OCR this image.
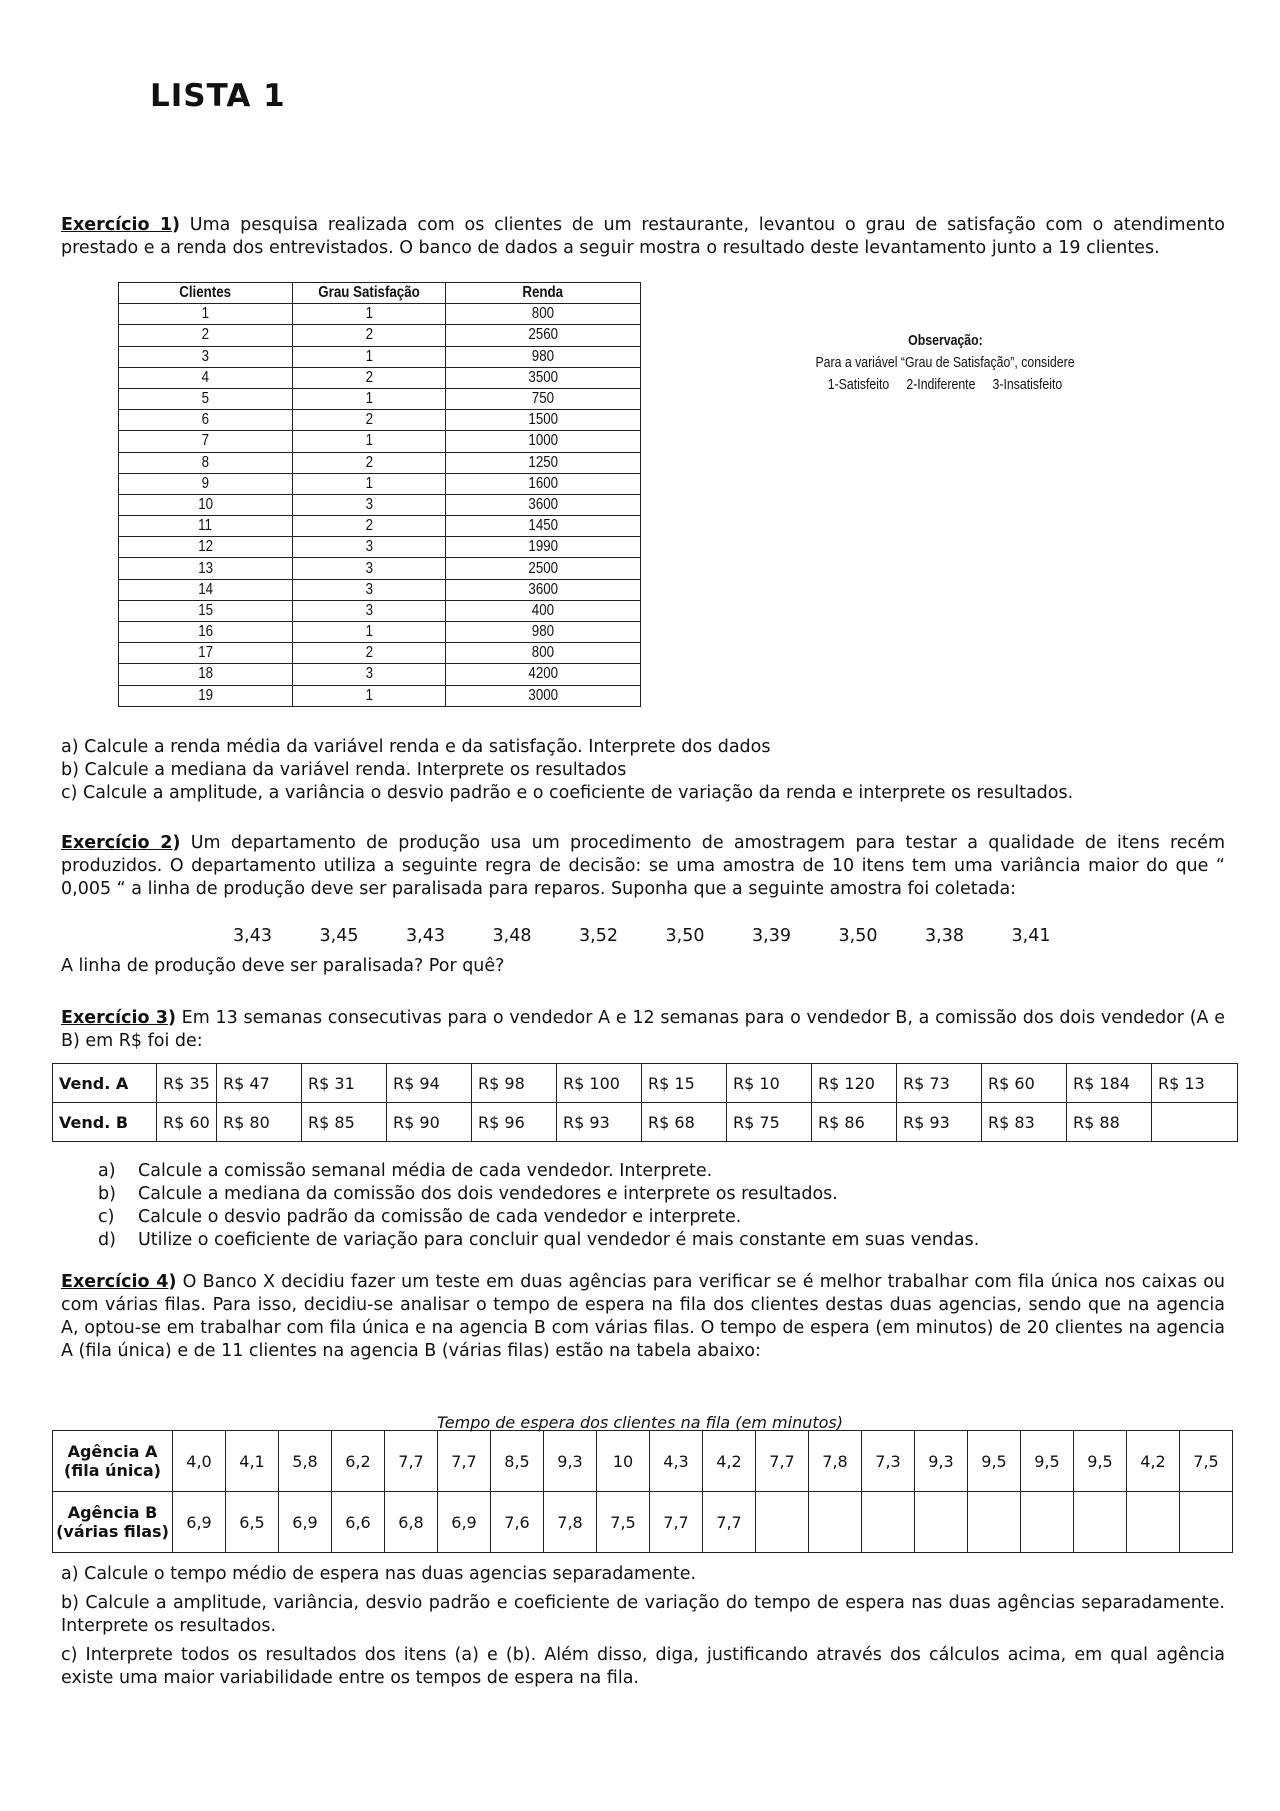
LISTA 1
Exercício 1) Uma pesquisa realizada com os clientes de um restaurante, levantou o grau de satisfação com o atendimento prestado e a renda dos entrevistados. O banco de dados a seguir mostra o resultado deste levantamento junto a 19 clientes.
Clientes	Grau Satisfação	Renda
1	1	800
2	2	2560
3	1	980
4	2	3500
5	1	750
6	2	1500
7	1	1000
8	2	1250
9	1	1600
10	3	3600
11	2	1450
12	3	1990
13	3	2500
14	3	3600
15	3	400
16	1	980
17	2	800
18	3	4200
19	1	3000
Observação:
Para a variável “Grau de Satisfação”, considere
1-Satisfeito     2-Indiferente     3-Insatisfeito
a) Calcule a renda média da variável renda e da satisfação. Interprete dos dados
b) Calcule a mediana da variável renda. Interprete os resultados
c) Calcule a amplitude, a variância o desvio padrão e o coeficiente de variação da renda e interprete os resultados.
Exercício 2) Um departamento de produção usa um procedimento de amostragem para testar a qualidade de itens recém produzidos. O departamento utiliza a seguinte regra de decisão: se uma amostra de 10 itens tem uma variância maior do que “ 0,005 “ a linha de produção deve ser paralisada para reparos. Suponha que a seguinte amostra foi coletada:
3,43	3,45	3,43	3,48	3,52	3,50	3,39	3,50	3,38	3,41
A linha de produção deve ser paralisada? Por quê?
Exercício 3) Em 13 semanas consecutivas para o vendedor A e 12 semanas para o vendedor B, a comissão dos dois vendedor (A e B) em R$ foi de:
Vend. A	R$ 35	R$ 47	R$ 31	R$ 94	R$ 98	R$ 100	R$ 15	R$ 10	R$ 120	R$ 73	R$ 60	R$ 184	R$ 13
Vend. B	R$ 60	R$ 80	R$ 85	R$ 90	R$ 96	R$ 93	R$ 68	R$ 75	R$ 86	R$ 93	R$ 83	R$ 88	
a) Calcule a comissão semanal média de cada vendedor. Interprete.
b) Calcule a mediana da comissão dos dois vendedores e interprete os resultados.
c) Calcule o desvio padrão da comissão de cada vendedor e interprete.
d) Utilize o coeficiente de variação para concluir qual vendedor é mais constante em suas vendas.
Exercício 4) O Banco X decidiu fazer um teste em duas agências para verificar se é melhor trabalhar com fila única nos caixas ou com várias filas. Para isso, decidiu-se analisar o tempo de espera na fila dos clientes destas duas agencias, sendo que na agencia A, optou-se em trabalhar com fila única e na agencia B com várias filas. O tempo de espera (em minutos) de 20 clientes na agencia A (fila única) e de 11 clientes na agencia B (várias filas) estão na tabela abaixo:
Tempo de espera dos clientes na fila (em minutos)
Agência A (fila única)	4,0	4,1	5,8	6,2	7,7	7,7	8,5	9,3	10	4,3	4,2	7,7	7,8	7,3	9,3	9,5	9,5	9,5	4,2	7,5
Agência B (várias filas)	6,9	6,5	6,9	6,6	6,8	6,9	7,6	7,8	7,5	7,7	7,7									
a) Calcule o tempo médio de espera nas duas agencias separadamente.
b) Calcule a amplitude, variância, desvio padrão e coeficiente de variação do tempo de espera nas duas agências separadamente. Interprete os resultados.
c) Interprete todos os resultados dos itens (a) e (b). Além disso, diga, justificando através dos cálculos acima, em qual agência existe uma maior variabilidade entre os tempos de espera na fila.
